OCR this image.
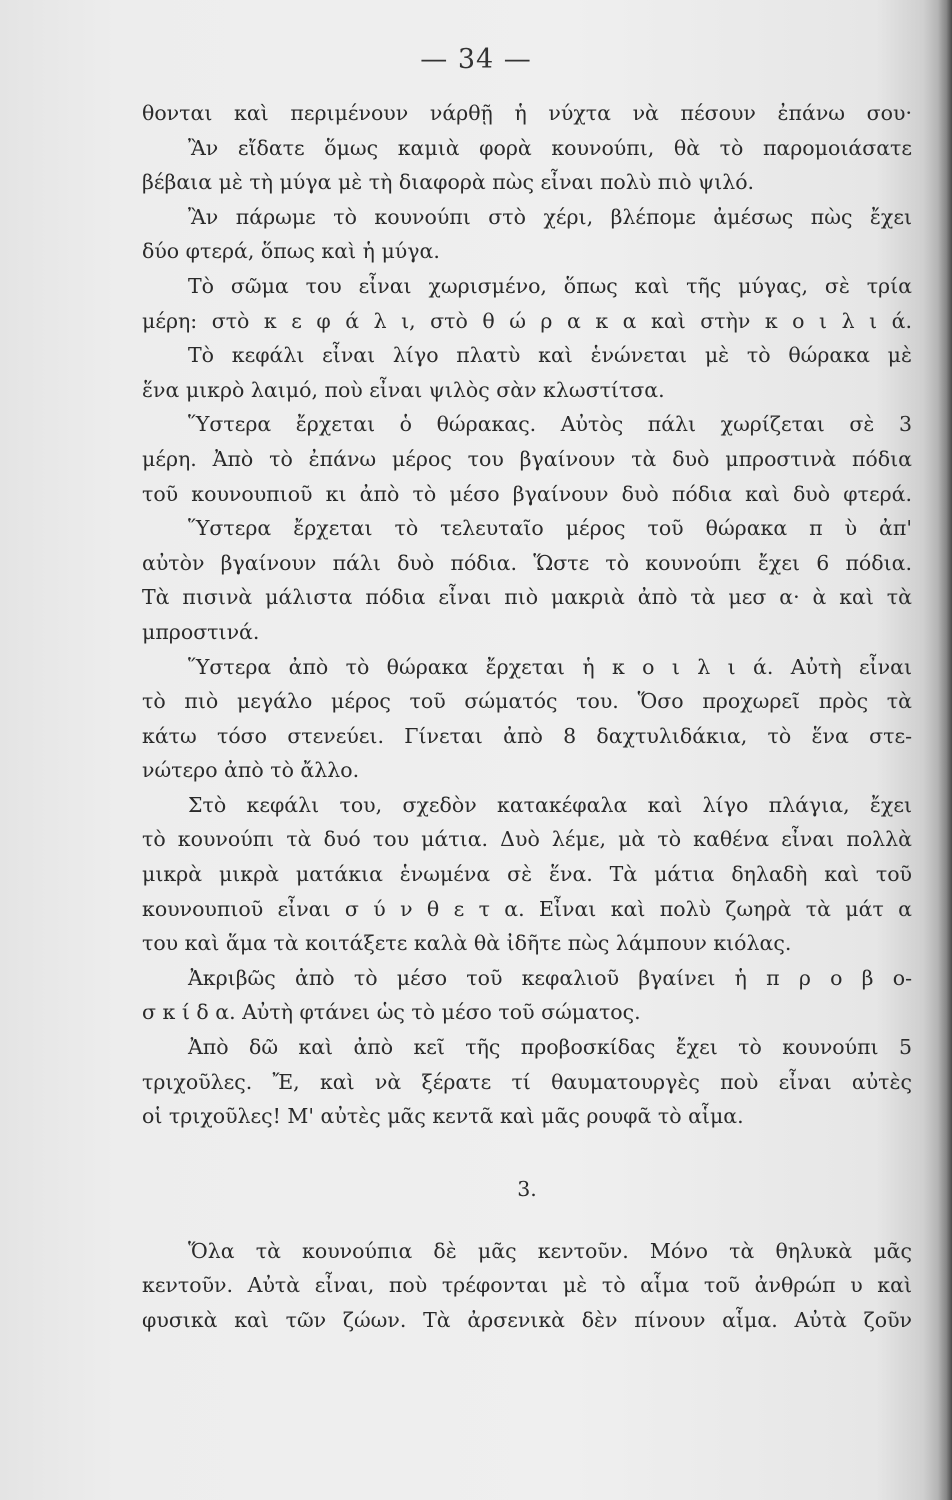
— 34 —
θονται καὶ περιμένουν νάρθῇ ἡ νύχτα νὰ πέσουν ἐπάνω σου·
Ἂν εἴδατε ὅμως καμιὰ φορὰ κουνούπι, θὰ τὸ παρομοιάσατε
βέβαια μὲ τὴ μύγα μὲ τὴ διαφορὰ πὼς εἶναι πολὺ πιὸ ψιλό.
Ἂν πάρωμε τὸ κουνούπι στὸ χέρι, βλέπομε ἀμέσως πὼς ἔχει
δύο φτερά, ὅπως καὶ ἡ μύγα.
Τὸ σῶμα του εἶναι χωρισμένο, ὅπως καὶ τῆς μύγας, σὲ τρία
μέρη: στὸ κ ε φ ά λ ι, στὸ θ ώ ρ α κ α καὶ στὴν κ ο ι λ ι ά.
Τὸ κεφάλι εἶναι λίγο πλατὺ καὶ ἑνώνεται μὲ τὸ θώρακα μὲ
ἕνα μικρὸ λαιμό, ποὺ εἶναι ψιλὸς σὰν κλωστίτσα.
Ὕστερα ἔρχεται ὁ θώρακας. Αὐτὸς πάλι χωρίζεται σὲ 3
μέρη. Ἀπὸ τὸ ἐπάνω μέρος του βγαίνουν τὰ δυὸ μπροστινὰ πόδια
τοῦ κουνουπιοῦ κι ἀπὸ τὸ μέσο βγαίνουν δυὸ πόδια καὶ δυὸ φτερά.
Ὕστερα ἔρχεται τὸ τελευταῖο μέρος τοῦ θώρακα π ὺ ἀπ'
αὐτὸν βγαίνουν πάλι δυὸ πόδια. Ὥστε τὸ κουνούπι ἔχει 6 πόδια.
Τὰ πισινὰ μάλιστα πόδια εἶναι πιὸ μακριὰ ἀπὸ τὰ μεσ α· ὰ καὶ τὰ
μπροστινά.
Ὕστερα ἀπὸ τὸ θώρακα ἔρχεται ἡ κ ο ι λ ι ά. Αὐτὴ εἶναι
τὸ πιὸ μεγάλο μέρος τοῦ σώματός του. Ὅσο προχωρεῖ πρὸς τὰ
κάτω τόσο στενεύει. Γίνεται ἀπὸ 8 δαχτυλιδάκια, τὸ ἕνα στε-
νώτερο ἀπὸ τὸ ἄλλο.
Στὸ κεφάλι του, σχεδὸν κατακέφαλα καὶ λίγο πλάγια, ἔχει
τὸ κουνούπι τὰ δυό του μάτια. Δυὸ λέμε, μὰ τὸ καθένα εἶναι πολλὰ
μικρὰ μικρὰ ματάκια ἑνωμένα σὲ ἕνα. Τὰ μάτια δηλαδὴ καὶ τοῦ
κουνουπιοῦ εἶναι σ ύ ν θ ε τ α. Εἶναι καὶ πολὺ ζωηρὰ τὰ μάτ α
του καὶ ἅμα τὰ κοιτάξετε καλὰ θὰ ἰδῆτε πὼς λάμπουν κιόλας.
Ἀκριβῶς ἀπὸ τὸ μέσο τοῦ κεφαλιοῦ βγαίνει ἡ π ρ ο β ο-
σ κ ί δ α. Αὐτὴ φτάνει ὡς τὸ μέσο τοῦ σώματος.
Ἀπὸ δῶ καὶ ἀπὸ κεῖ τῆς προβοσκίδας ἔχει τὸ κουνούπι 5
τριχοῦλες. Ἔ, καὶ νὰ ξέρατε τί θαυματουργὲς ποὺ εἶναι αὐτὲς
οἱ τριχοῦλες! Μ' αὐτὲς μᾶς κεντᾶ καὶ μᾶς ρουφᾶ τὸ αἷμα.
3.
Ὅλα τὰ κουνούπια δὲ μᾶς κεντοῦν. Μόνο τὰ θηλυκὰ μᾶς
κεντοῦν. Αὐτὰ εἶναι, ποὺ τρέφονται μὲ τὸ αἷμα τοῦ ἀνθρώπ υ καὶ
φυσικὰ καὶ τῶν ζώων. Τὰ ἀρσενικὰ δὲν πίνουν αἷμα. Αὐτὰ ζοῦν
